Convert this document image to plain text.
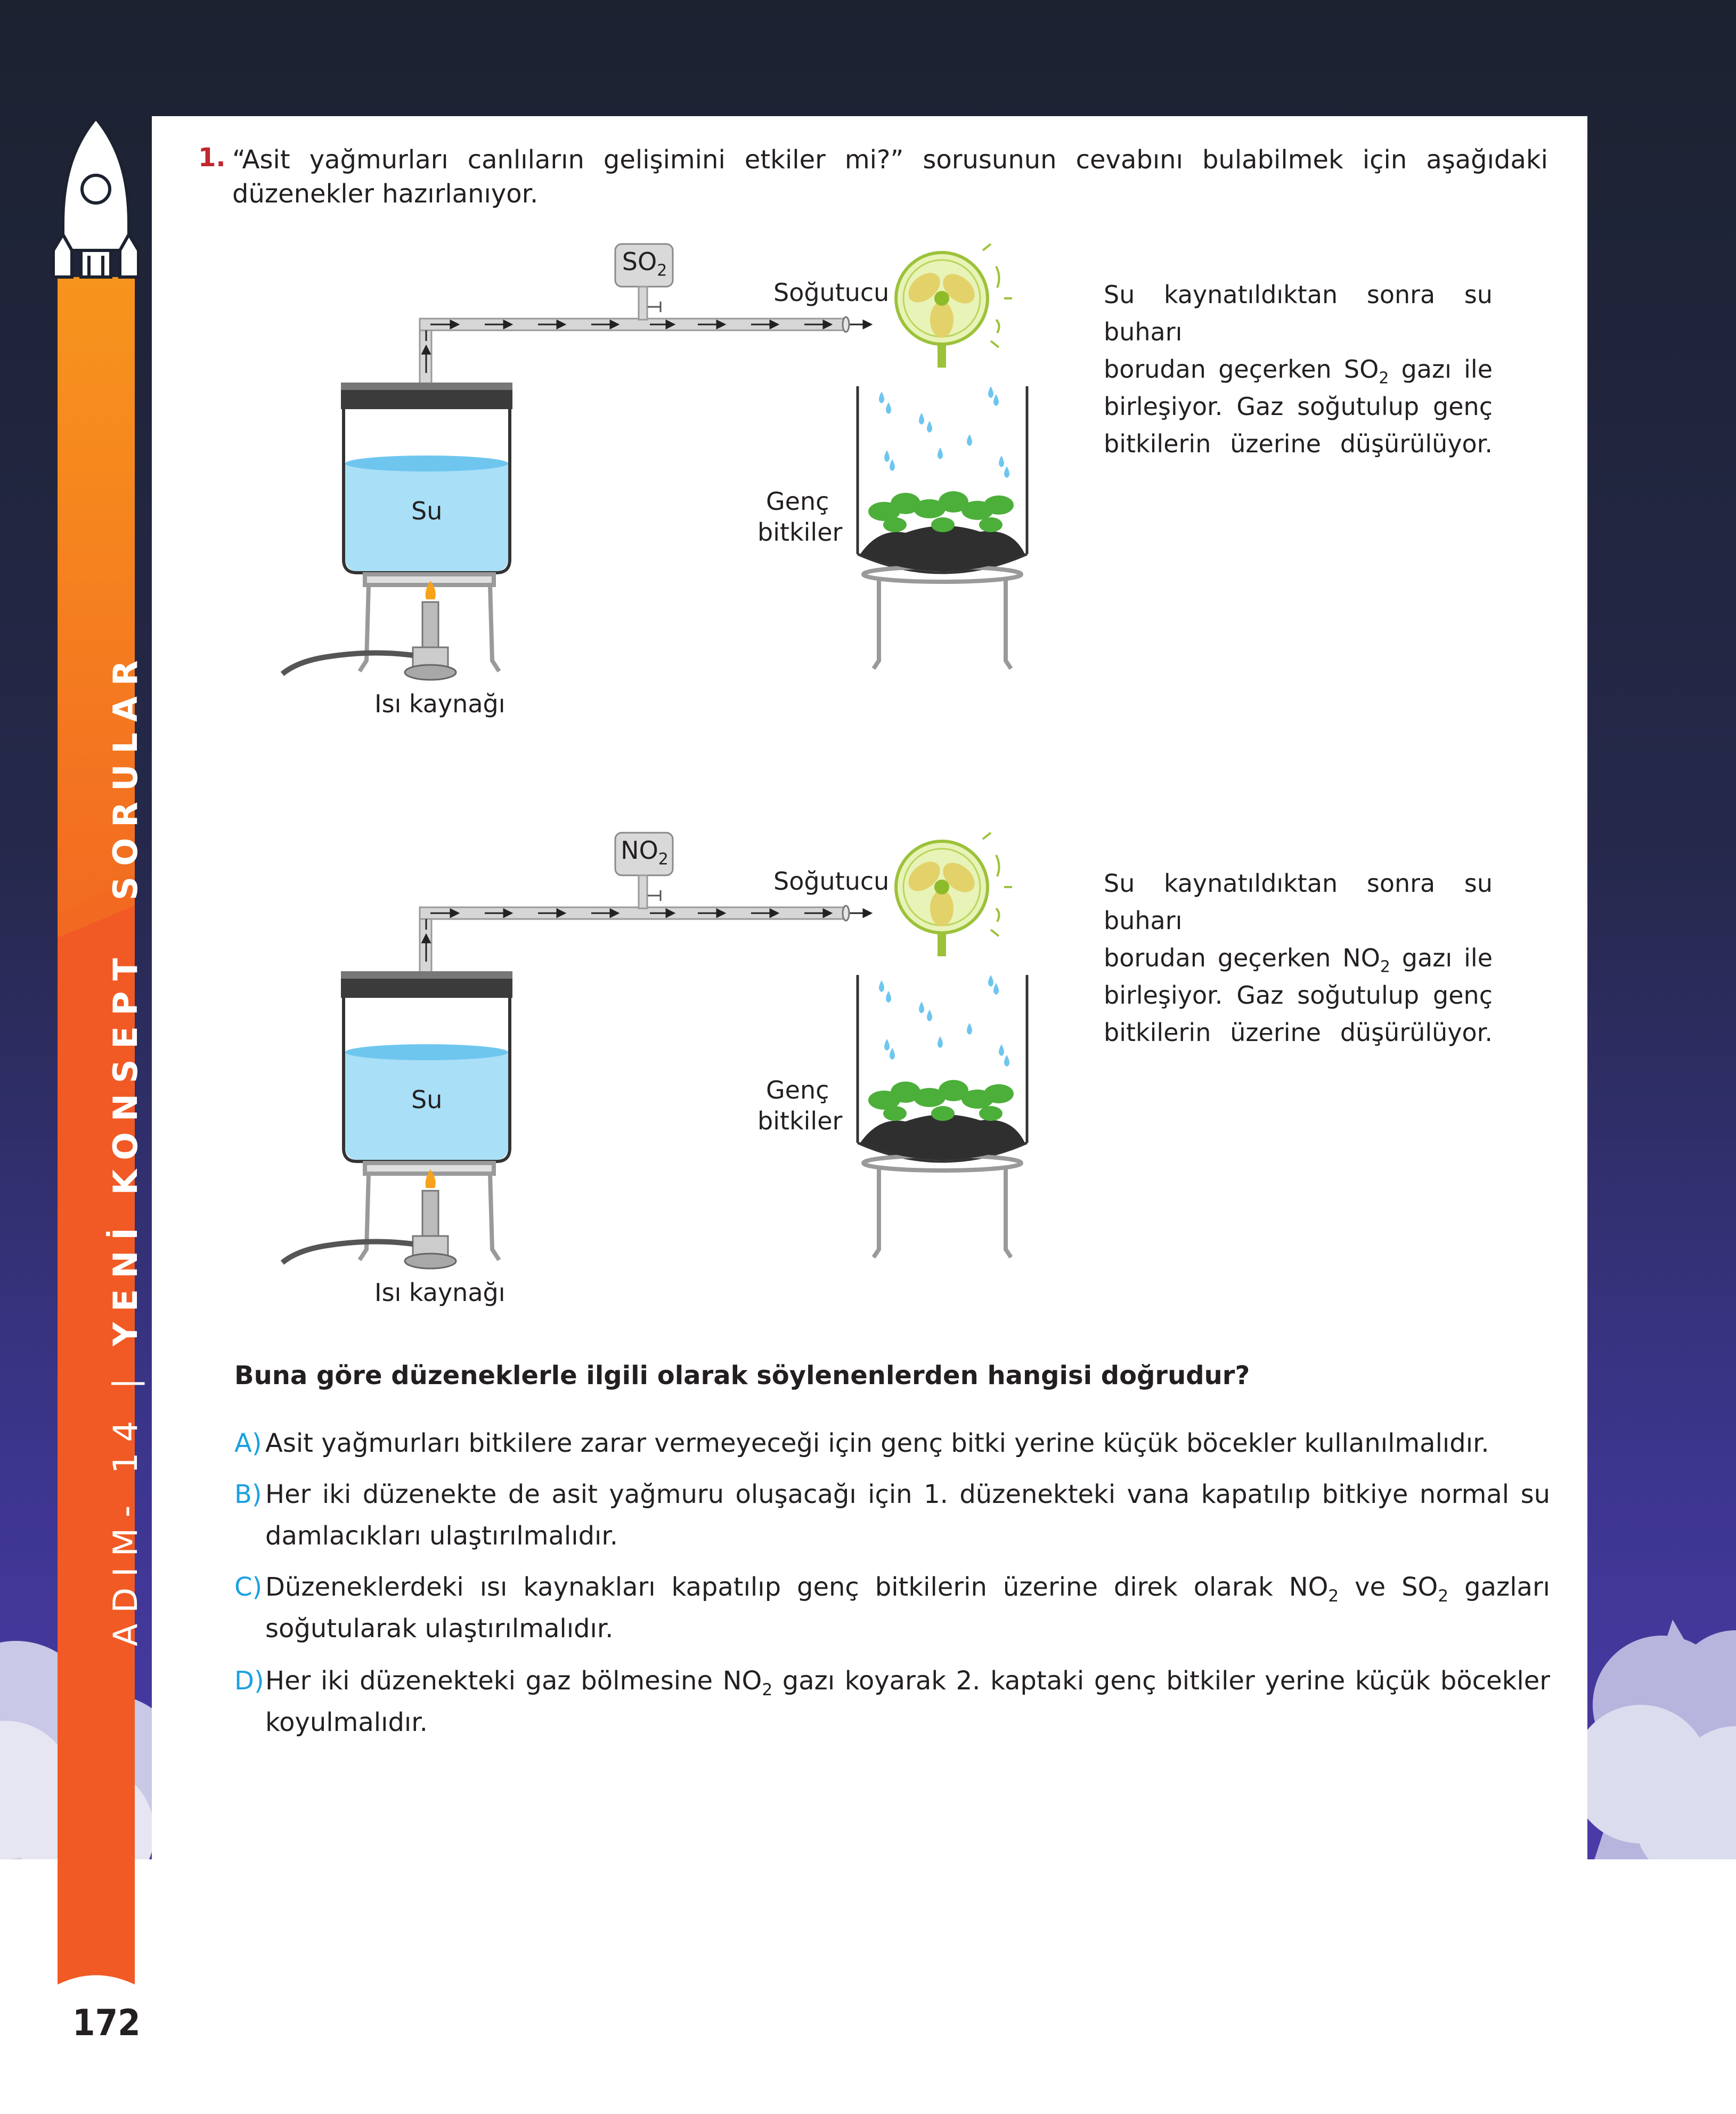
ADIM- 14 | YENİ KONSEPT
SORULAR
172
1. “Asit yağmurları canlıların gelişimini etkiler mi?” sorusunun cevabını bulabilmek için aşağıdaki düzenekler hazırlanıyor.
$SO_2$
Soğutucu
Su	Genç
bitkiler
Isı kaynağı
Su kaynatıldıktan sonra su buharı
borudan geçerken $SO_2$ gazı ile
birleşiyor. Gaz soğutulup genç
bitkilerin üzerine düşürülüyor.
$NO_2$
Soğutucu
Su	Genç
bitkiler
Isı kaynağı
Su kaynatıldıktan sonra su buharı
borudan geçerken $NO_2$ gazı ile
birleşiyor. Gaz soğutulup genç
bitkilerin üzerine düşürülüyor.
Buna göre düzeneklerle ilgili olarak söylenenlerden hangisi doğrudur?
A) Asit yağmurları bitkilere zarar vermeyeceği için genç bitki yerine küçük böcekler kullanılmalıdır.
B) Her iki düzenekte de asit yağmuru oluşacağı için 1. düzenekteki vana kapatılıp bitkiye normal su damlacıkları ulaştırılmalıdır.
C) Düzeneklerdeki ısı kaynakları kapatılıp genç bitkilerin üzerine direk olarak $NO_2$ ve $SO_2$ gazları soğutularak ulaştırılmalıdır.
D) Her iki düzenekteki gaz bölmesine $NO_2$ gazı koyarak 2. kaptaki genç bitkiler yerine küçük böcekler koyulmalıdır.
